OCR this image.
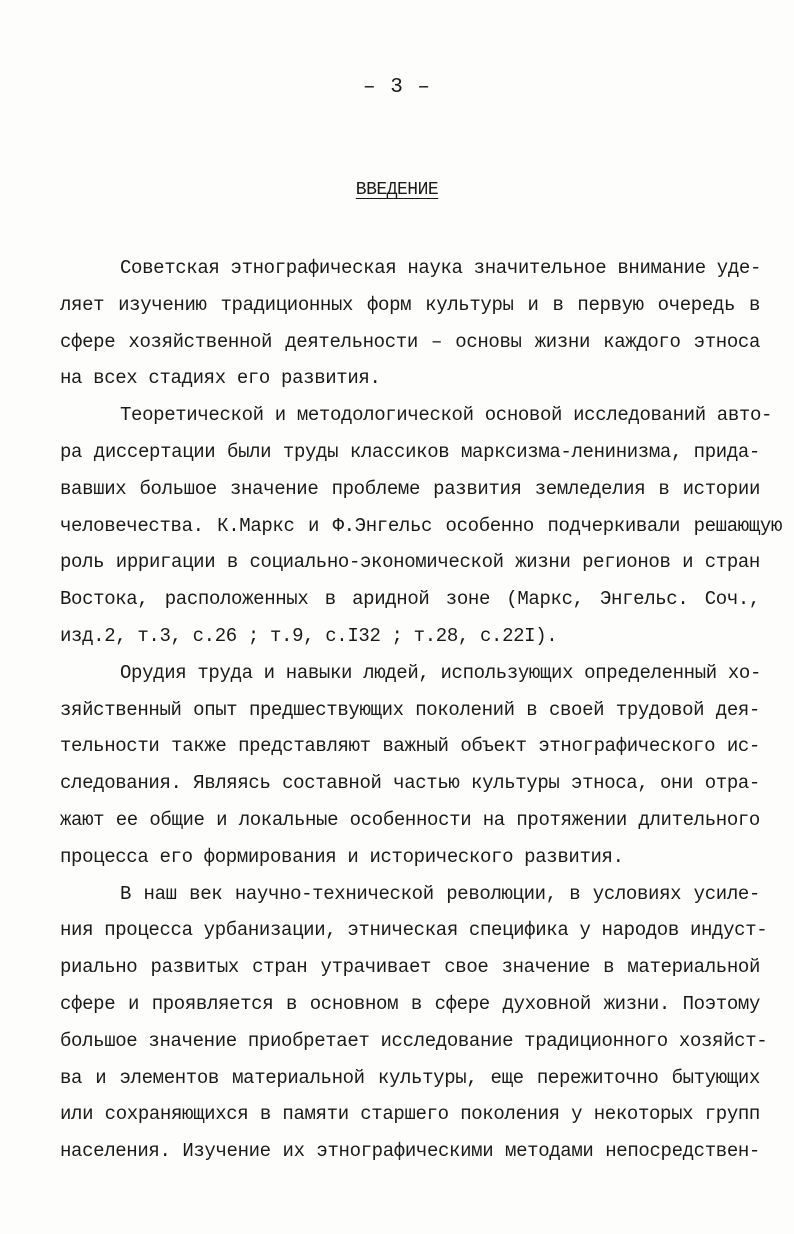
– 3 –
ВВЕДЕНИЕ
Советская этнографическая наука значительное внимание уде-
ляет изучению традиционных форм культуры и в первую очередь в
сфере хозяйственной деятельности – основы жизни каждого этноса
на всех стадиях его развития.
Теоретической и методологической основой исследований авто-
ра диссертации были труды классиков марксизма-ленинизма, прида-
вавших большое значение проблеме развития земледелия в истории
человечества. К.Маркс и Ф.Энгельс особенно подчеркивали решающую
роль ирригации в социально-экономической жизни регионов и стран
Востока, расположенных в аридной зоне (Маркс, Энгельс. Соч.,
изд.2, т.3, с.26 ; т.9, с.I32 ; т.28, с.22I).
Орудия труда и навыки людей, использующих определенный хо-
зяйственный опыт предшествующих поколений в своей трудовой дея-
тельности также представляют важный объект этнографического ис-
следования. Являясь составной частью культуры этноса, они отра-
жают ее общие и локальные особенности на протяжении длительного
процесса его формирования и исторического развития.
В наш век научно-технической революции, в условиях усиле-
ния процесса урбанизации, этническая специфика у народов индуст-
риально развитых стран утрачивает свое значение в материальной
сфере и проявляется в основном в сфере духовной жизни. Поэтому
большое значение приобретает исследование традиционного хозяйст-
ва и элементов материальной культуры, еще пережиточно бытующих
или сохраняющихся в памяти старшего поколения у некоторых групп
населения. Изучение их этнографическими методами непосредствен-
